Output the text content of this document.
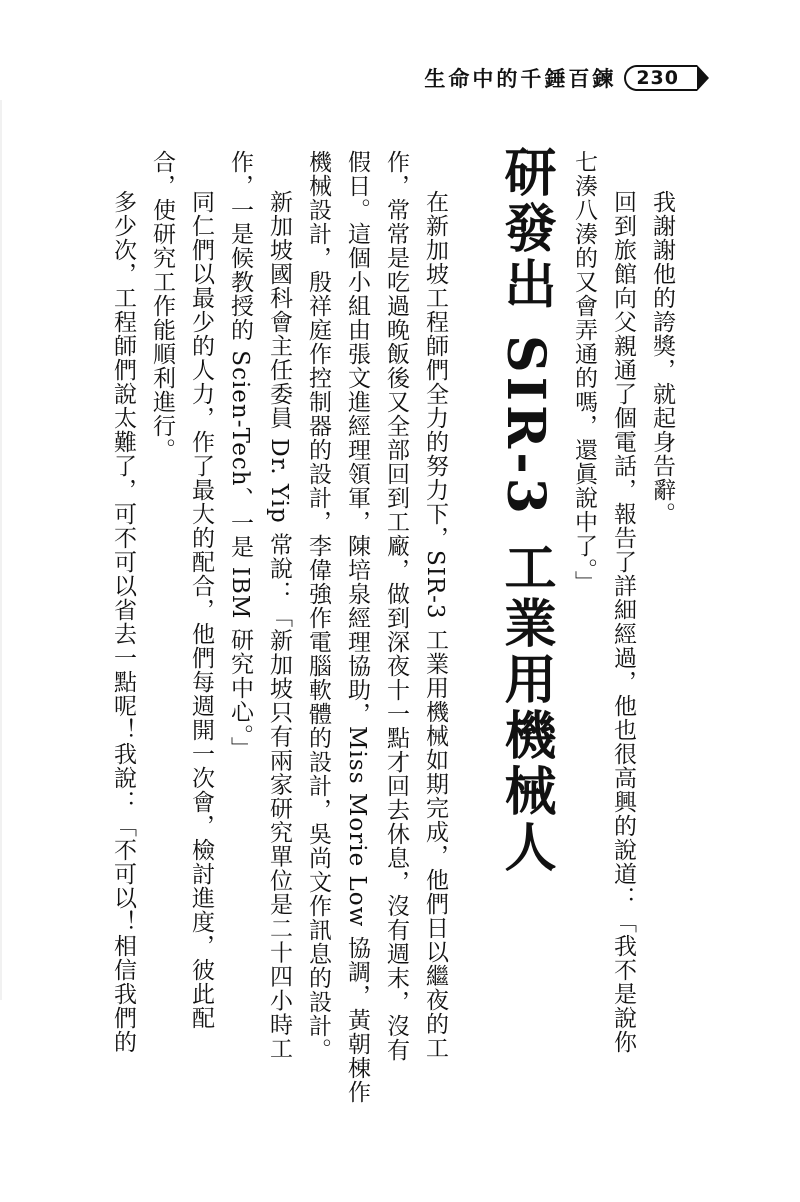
生命中的千錘百鍊	230
我謝謝他的誇獎，就起身告辭。
回到旅館向父親通了個電話，報告了詳細經過，他也很高興的說道：「我不是說你
七湊八湊的又會弄通的嗎，還眞說中了。」
研發出 SIR-3 工業用機械人
在新加坡工程師們全力的努力下，SIR-3 工業用機械如期完成，他們日以繼夜的工
作，常常是吃過晚飯後又全部回到工廠，做到深夜十一點才回去休息，沒有週末，沒有
假日。這個小組由張文進經理領軍，陳培泉經理協助，Miss Morie Low 協調，黃朝棟作
機械設計，殷祥庭作控制器的設計，李偉強作電腦軟體的設計，吳尚文作訊息的設計。
新加坡國科會主任委員 Dr. Yip 常說：「新加坡只有兩家研究單位是二十四小時工
作，一是候教授的 Scien-Tech、一是 IBM 研究中心。」
同仁們以最少的人力，作了最大的配合，他們每週開一次會，檢討進度，彼此配
合，使研究工作能順利進行。
多少次，工程師們說太難了，可不可以省去一點呢！我說：「不可以！相信我們的
